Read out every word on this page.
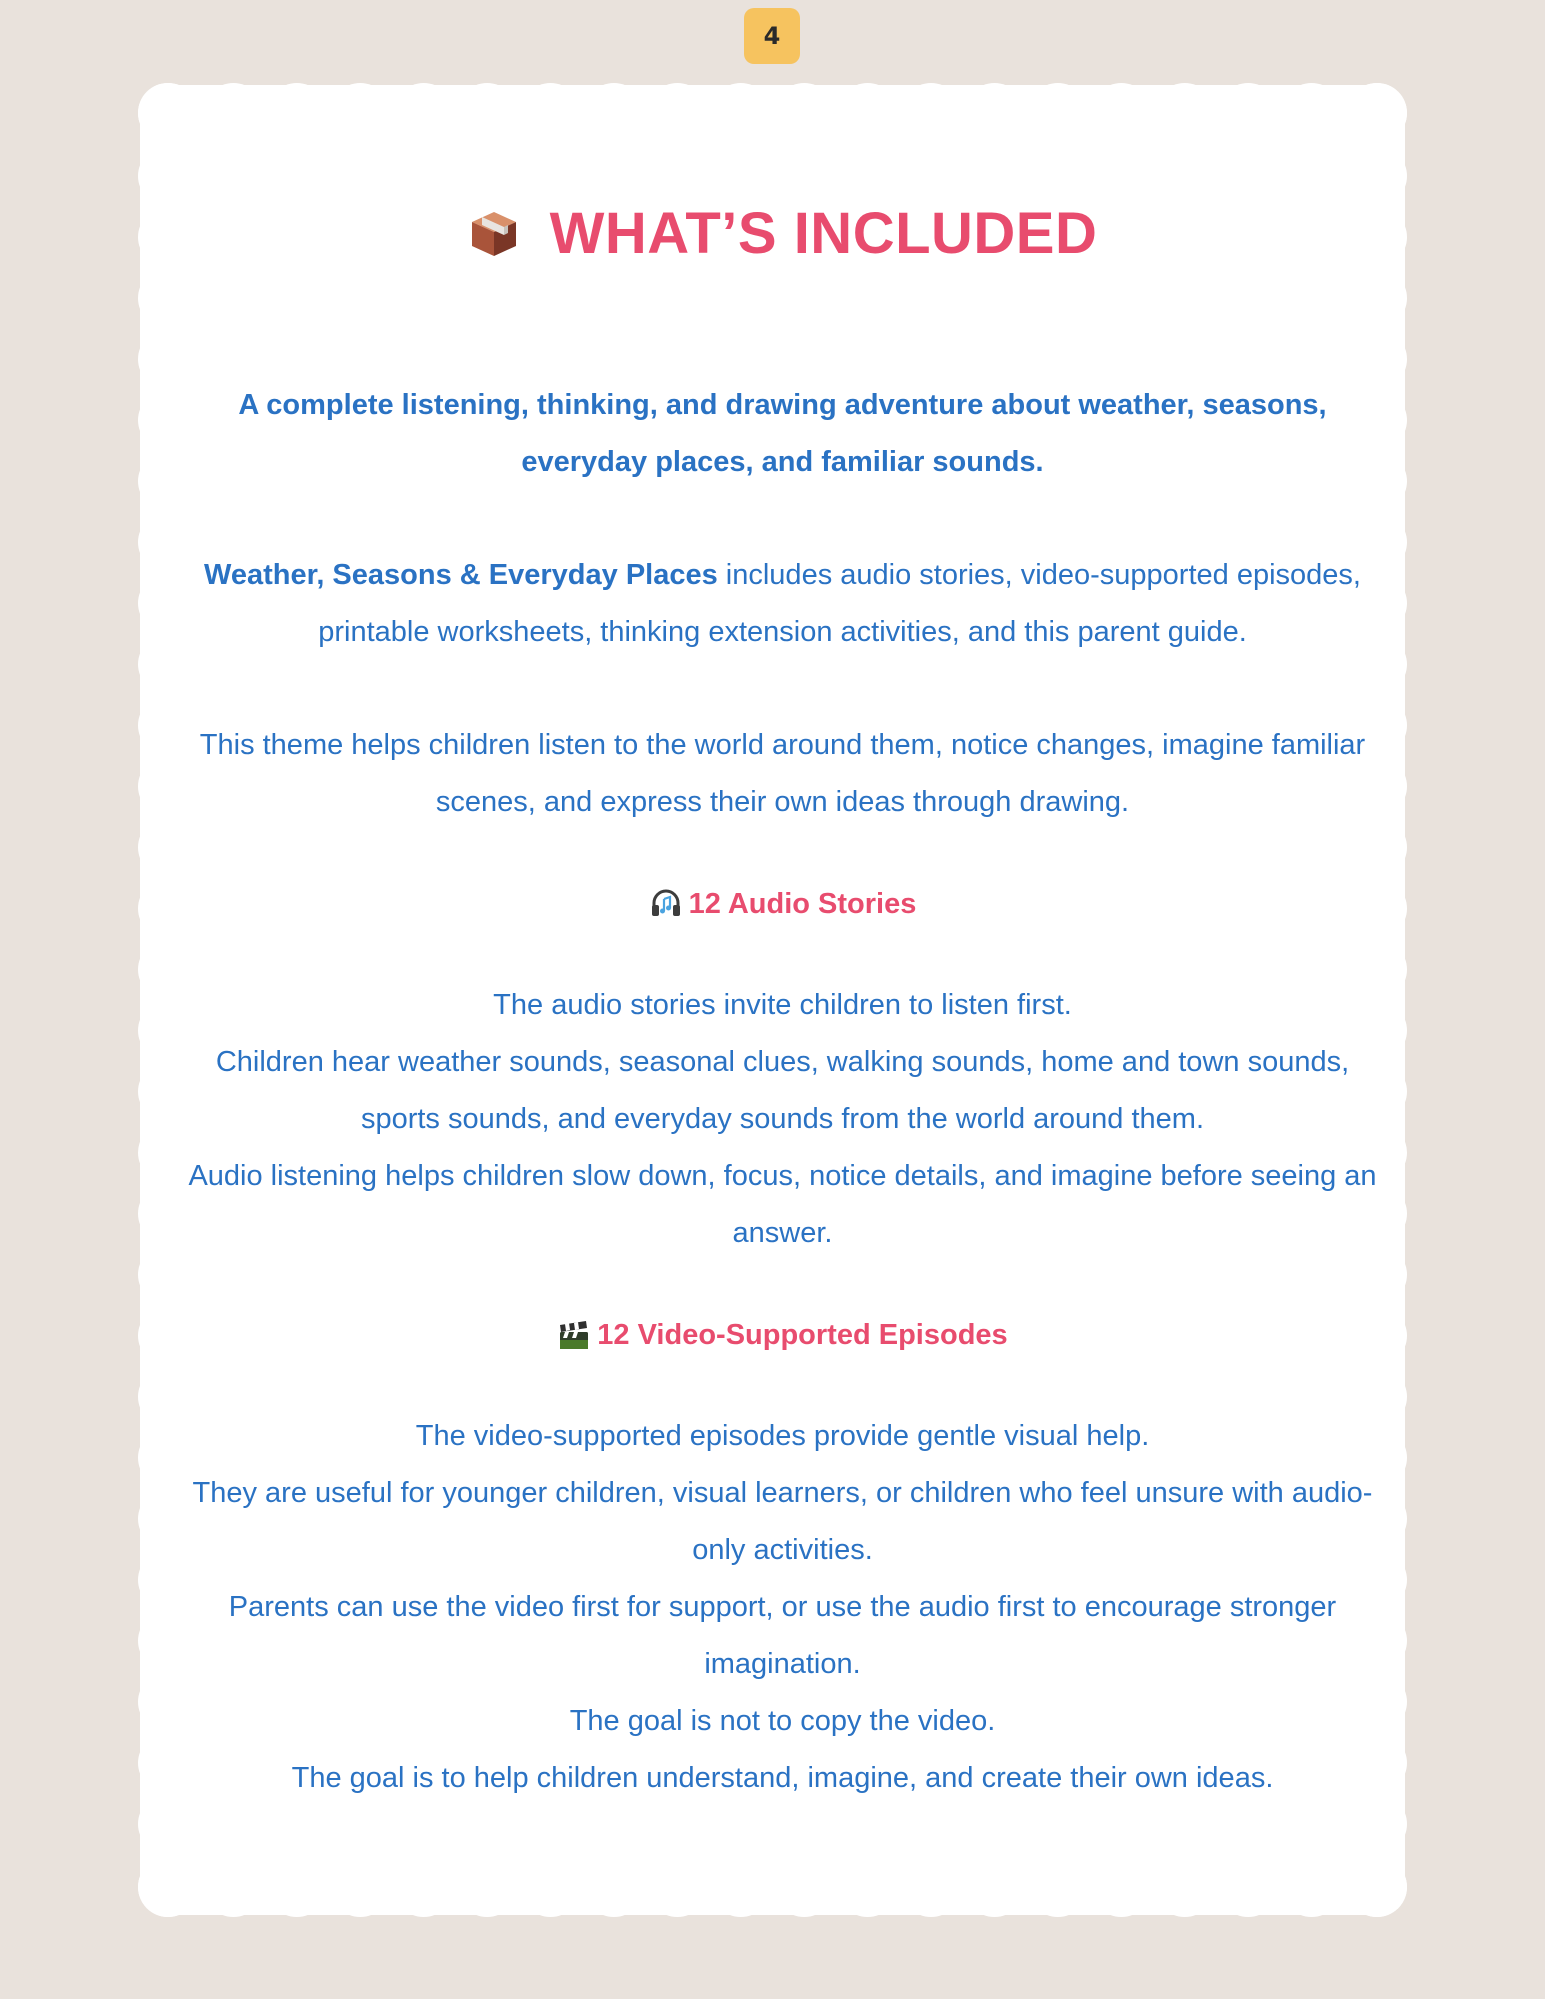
4
WHAT’S INCLUDED
A complete listening, thinking, and drawing adventure about weather, seasons, everyday places, and familiar sounds.
Weather, Seasons & Everyday Places includes audio stories, video-supported episodes, printable worksheets, thinking extension activities, and this parent guide.
This theme helps children listen to the world around them, notice changes, imagine familiar scenes, and express their own ideas through drawing.
12 Audio Stories
The audio stories invite children to listen first.
Children hear weather sounds, seasonal clues, walking sounds, home and town sounds, sports sounds, and everyday sounds from the world around them.
Audio listening helps children slow down, focus, notice details, and imagine before seeing an answer.
12 Video-Supported Episodes
The video-supported episodes provide gentle visual help.
They are useful for younger children, visual learners, or children who feel unsure with audio-only activities.
Parents can use the video first for support, or use the audio first to encourage stronger imagination.
The goal is not to copy the video.
The goal is to help children understand, imagine, and create their own ideas.
